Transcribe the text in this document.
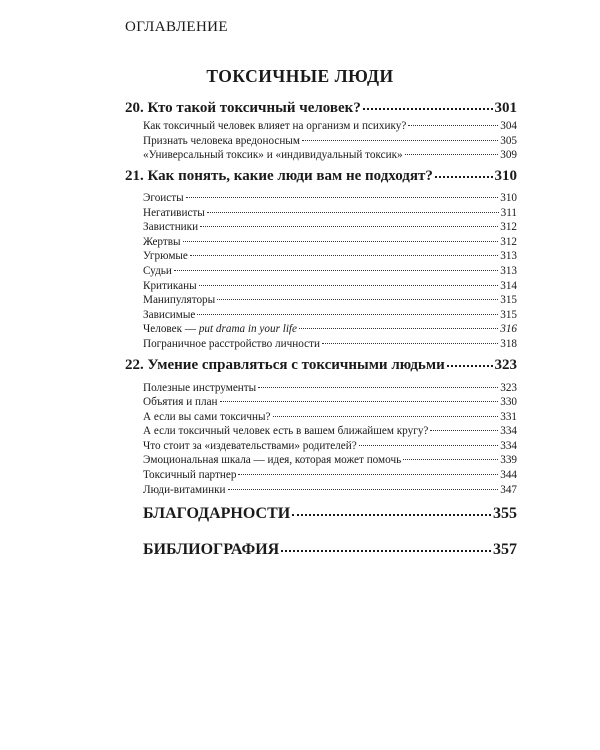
ОГЛАВЛЕНИЕ
ТОКСИЧНЫЕ ЛЮДИ
20. Кто такой токсичный человек?	301
Как токсичный человек влияет на организм и психику?	304
Признать человека вредоносным	305
«Универсальный токсик» и «индивидуальный токсик»	309
21. Как понять, какие люди вам не подходят?	310
Эгоисты	310
Негативисты	311
Завистники	312
Жертвы	312
Угрюмые	313
Судьи	313
Критиканы	314
Манипуляторы	315
Зависимые	315
Человек — put drama in your life	316
Пограничное расстройство личности	318
22. Умение справляться с токсичными людьми	323
Полезные инструменты	323
Объятия и план	330
А если вы сами токсичны?	331
А если токсичный человек есть в вашем ближайшем кругу?	334
Что стоит за «издевательствами» родителей?	334
Эмоциональная шкала — идея, которая может помочь	339
Токсичный партнер	344
Люди-витаминки	347
БЛАГОДАРНОСТИ	355
БИБЛИОГРАФИЯ	357
